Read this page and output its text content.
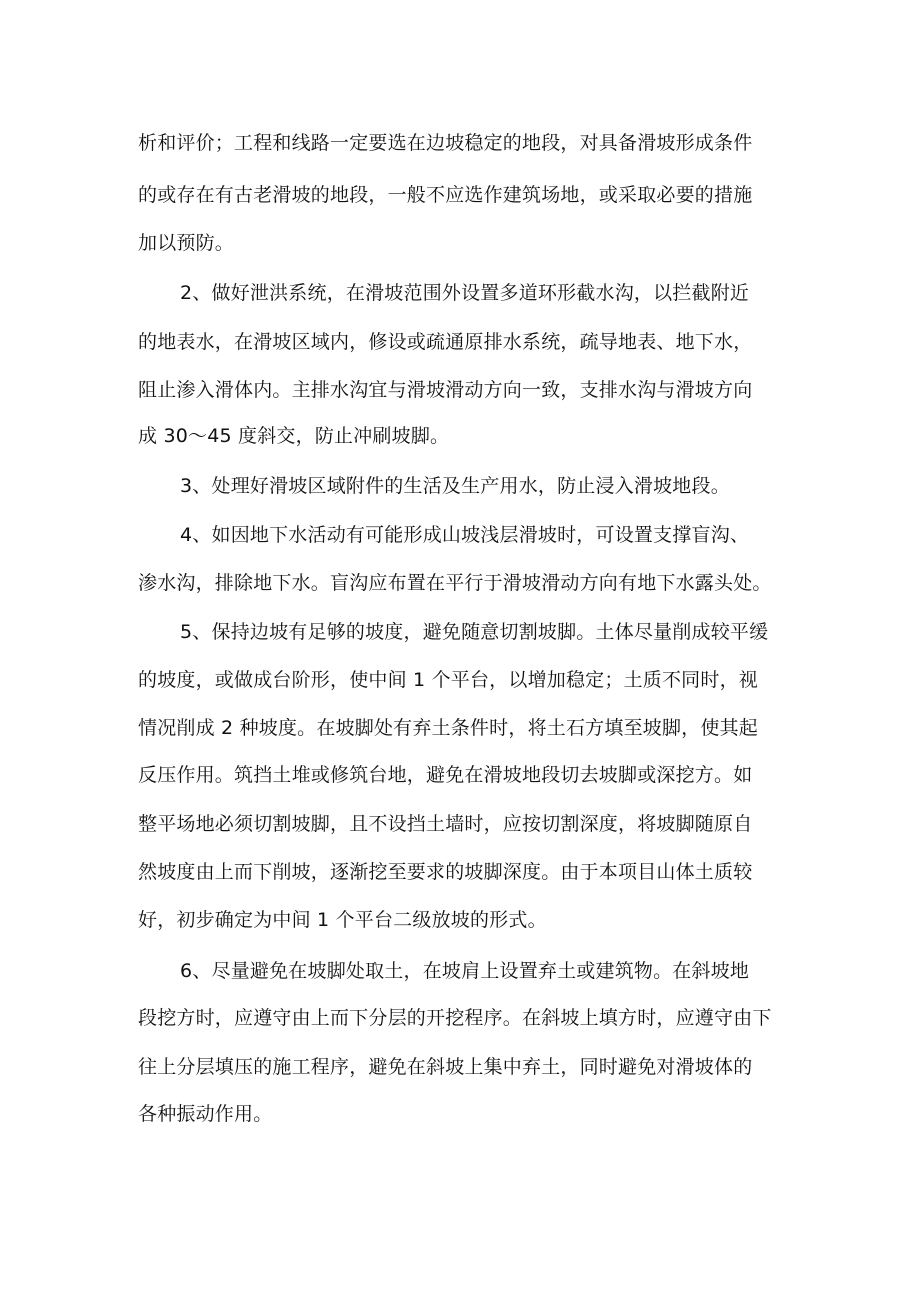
析和评价；工程和线路一定要选在边坡稳定的地段，对具备滑坡形成条件
的或存在有古老滑坡的地段，一般不应选作建筑场地，或采取必要的措施
加以预防。
2、做好泄洪系统，在滑坡范围外设置多道环形截水沟，以拦截附近
的地表水，在滑坡区域内，修设或疏通原排水系统，疏导地表、地下水，
阻止渗入滑体内。主排水沟宜与滑坡滑动方向一致，支排水沟与滑坡方向
成 30～45 度斜交，防止冲刷坡脚。
3、处理好滑坡区域附件的生活及生产用水，防止浸入滑坡地段。
4、如因地下水活动有可能形成山坡浅层滑坡时，可设置支撑盲沟、
渗水沟，排除地下水。盲沟应布置在平行于滑坡滑动方向有地下水露头处。
5、保持边坡有足够的坡度，避免随意切割坡脚。土体尽量削成较平缓
的坡度，或做成台阶形，使中间 1 个平台，以增加稳定；土质不同时，视
情况削成 2 种坡度。在坡脚处有弃土条件时，将土石方填至坡脚，使其起
反压作用。筑挡土堆或修筑台地，避免在滑坡地段切去坡脚或深挖方。如
整平场地必须切割坡脚，且不设挡土墙时，应按切割深度，将坡脚随原自
然坡度由上而下削坡，逐渐挖至要求的坡脚深度。由于本项目山体土质较
好，初步确定为中间 1 个平台二级放坡的形式。
6、尽量避免在坡脚处取土，在坡肩上设置弃土或建筑物。在斜坡地
段挖方时，应遵守由上而下分层的开挖程序。在斜坡上填方时，应遵守由下
往上分层填压的施工程序，避免在斜坡上集中弃土，同时避免对滑坡体的
各种振动作用。
